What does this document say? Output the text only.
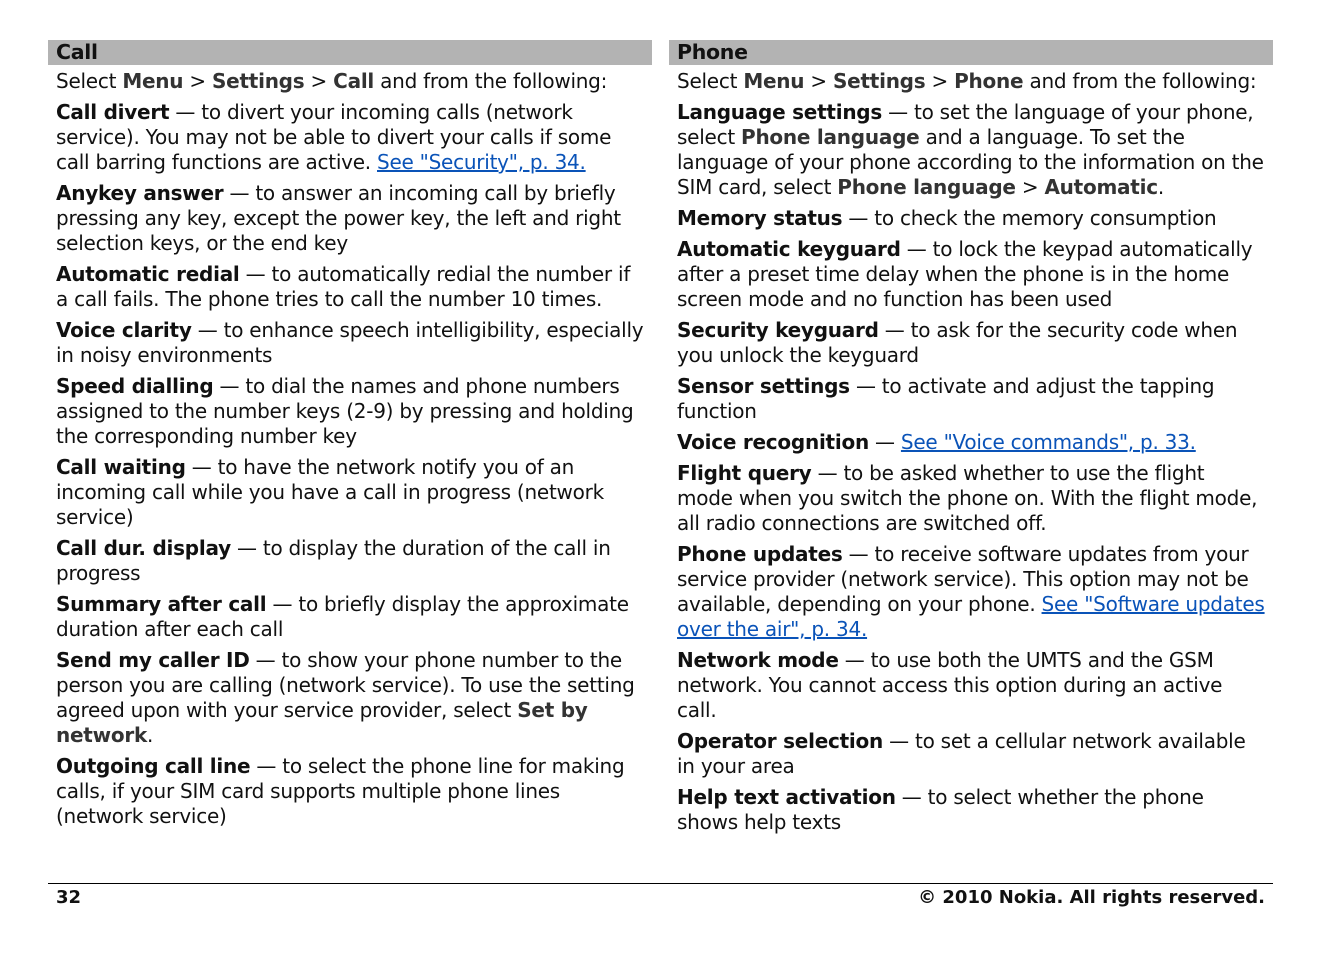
Call

Select Menu > Settings > Call and from the following:

Call divert — to divert your incoming calls (network service). You may not be able to divert your calls if some call barring functions are active. See "Security", p. 34.

Anykey answer — to answer an incoming call by briefly pressing any key, except the power key, the left and right selection keys, or the end key

Automatic redial — to automatically redial the number if a call fails. The phone tries to call the number 10 times.

Voice clarity — to enhance speech intelligibility, especially in noisy environments

Speed dialling — to dial the names and phone numbers assigned to the number keys (2-9) by pressing and holding the corresponding number key

Call waiting — to have the network notify you of an incoming call while you have a call in progress (network service)

Call dur. display — to display the duration of the call in progress

Summary after call — to briefly display the approximate duration after each call

Send my caller ID — to show your phone number to the person you are calling (network service). To use the setting agreed upon with your service provider, select Set by network.

Outgoing call line — to select the phone line for making calls, if your SIM card supports multiple phone lines (network service)

Phone

Select Menu > Settings > Phone and from the following:

Language settings — to set the language of your phone, select Phone language and a language. To set the language of your phone according to the information on the SIM card, select Phone language > Automatic.

Memory status — to check the memory consumption

Automatic keyguard — to lock the keypad automatically after a preset time delay when the phone is in the home screen mode and no function has been used

Security keyguard — to ask for the security code when you unlock the keyguard

Sensor settings — to activate and adjust the tapping function

Voice recognition — See "Voice commands", p. 33.

Flight query — to be asked whether to use the flight mode when you switch the phone on. With the flight mode, all radio connections are switched off.

Phone updates — to receive software updates from your service provider (network service). This option may not be available, depending on your phone. See "Software updates over the air", p. 34.

Network mode — to use both the UMTS and the GSM network. You cannot access this option during an active call.

Operator selection — to set a cellular network available in your area

Help text activation — to select whether the phone shows help texts

32	© 2010 Nokia. All rights reserved.
